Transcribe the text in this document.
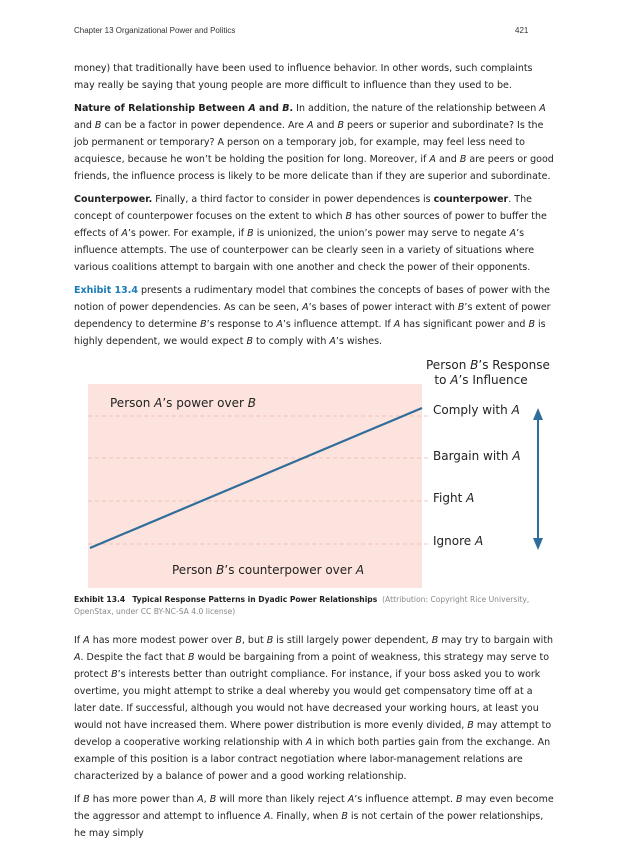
Chapter 13 Organizational Power and Politics	421

money) that traditionally have been used to influence behavior. In other words, such complaints may really be saying that young people are more difficult to influence than they used to be.

Nature of Relationship Between A and B. In addition, the nature of the relationship between A and B can be a factor in power dependence. Are A and B peers or superior and subordinate? Is the job permanent or temporary? A person on a temporary job, for example, may feel less need to acquiesce, because he won’t be holding the position for long. Moreover, if A and B are peers or good friends, the influence process is likely to be more delicate than if they are superior and subordinate.

Counterpower. Finally, a third factor to consider in power dependences is counterpower. The concept of counterpower focuses on the extent to which B has other sources of power to buffer the effects of A’s power. For example, if B is unionized, the union’s power may serve to negate A’s influence attempts. The use of counterpower can be clearly seen in a variety of situations where various coalitions attempt to bargain with one another and check the power of their opponents.

Exhibit 13.4 presents a rudimentary model that combines the concepts of bases of power with the notion of power dependencies. As can be seen, A’s bases of power interact with B’s extent of power dependency to determine B’s response to A’s influence attempt. If A has significant power and B is highly dependent, we would expect B to comply with A’s wishes.

Person B’s Response
to A’s Influence
Person A’s power over B
Person B’s counterpower over A
Comply with A
Bargain with A
Fight A
Ignore A
Exhibit 13.4 Typical Response Patterns in Dyadic Power Relationships (Attribution: Copyright Rice University, OpenStax, under CC BY-NC-SA 4.0 license)

If A has more modest power over B, but B is still largely power dependent, B may try to bargain with A. Despite the fact that B would be bargaining from a point of weakness, this strategy may serve to protect B’s interests better than outright compliance. For instance, if your boss asked you to work overtime, you might attempt to strike a deal whereby you would get compensatory time off at a later date. If successful, although you would not have decreased your working hours, at least you would not have increased them. Where power distribution is more evenly divided, B may attempt to develop a cooperative working relationship with A in which both parties gain from the exchange. An example of this position is a labor contract negotiation where labor-management relations are characterized by a balance of power and a good working relationship.

If B has more power than A, B will more than likely reject A’s influence attempt. B may even become the aggressor and attempt to influence A. Finally, when B is not certain of the power relationships, he may simply
